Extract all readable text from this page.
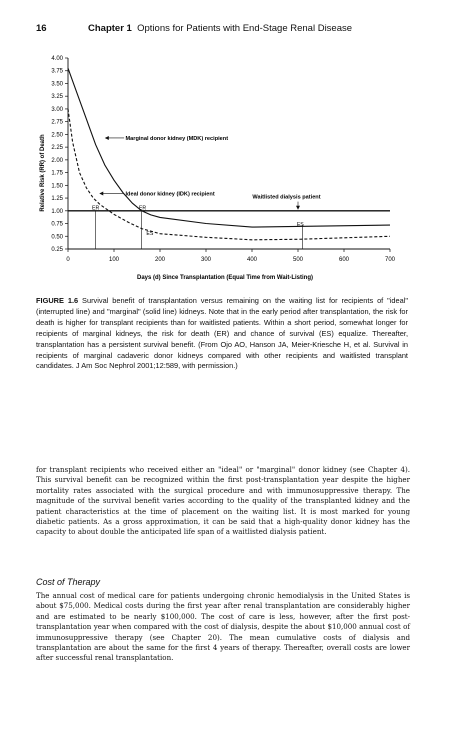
16	Chapter 1 Options for Patients with End-Stage Renal Disease
0	100	200	300	400	500	600	700
0.25
0.50
0.75
1.00
1.25
1.50
1.75
2.00
2.25
2.50
2.75
3.00
3.25
3.50
3.75
4.00
Marginal donor kidney (MDK) recipient
Ideal donor kidney (IDK) recipient
Waitlisted dialysis patient
ER	ER
ES
ES
Days (d) Since Transplantation (Equal Time from Wait-Listing)
Relative Risk (RR) of Death
FIGURE 1.6 Survival benefit of transplantation versus remaining on the waiting list for recipients of "ideal" (interrupted line) and "marginal" (solid line) kidneys. Note that in the early period after transplantation, the risk for death is higher for transplant recipients than for waitlisted patients. Within a short period, somewhat longer for recipients of marginal kidneys, the risk for death (ER) and chance of survival (ES) equalize. Thereafter, transplantation has a persistent survival benefit. (From Ojo AO, Hanson JA, Meier-Kriesche H, et al. Survival in recipients of marginal cadaveric donor kidneys compared with other recipients and waitlisted transplant candidates. J Am Soc Nephrol 2001;12:589, with permission.)
for transplant recipients who received either an "ideal" or "marginal" donor kidney (see Chapter 4). This survival benefit can be recognized within the first post-transplantation year despite the higher mortality rates associated with the surgical procedure and with immunosuppressive therapy. The magnitude of the survival benefit varies according to the quality of the transplanted kidney and the patient characteristics at the time of placement on the waiting list. It is most marked for young diabetic patients. As a gross approximation, it can be said that a high-quality donor kidney has the capacity to about double the anticipated life span of a waitlisted dialysis patient.
Cost of Therapy
The annual cost of medical care for patients undergoing chronic hemodialysis in the United States is about $75,000. Medical costs during the first year after renal transplantation are considerably higher and are estimated to be nearly $100,000. The cost of care is less, however, after the first post-transplantation year when compared with the cost of dialysis, despite the about $10,000 annual cost of immunosuppressive therapy (see Chapter 20). The mean cumulative costs of dialysis and transplantation are about the same for the first 4 years of therapy. Thereafter, overall costs are lower after successful renal transplantation.
